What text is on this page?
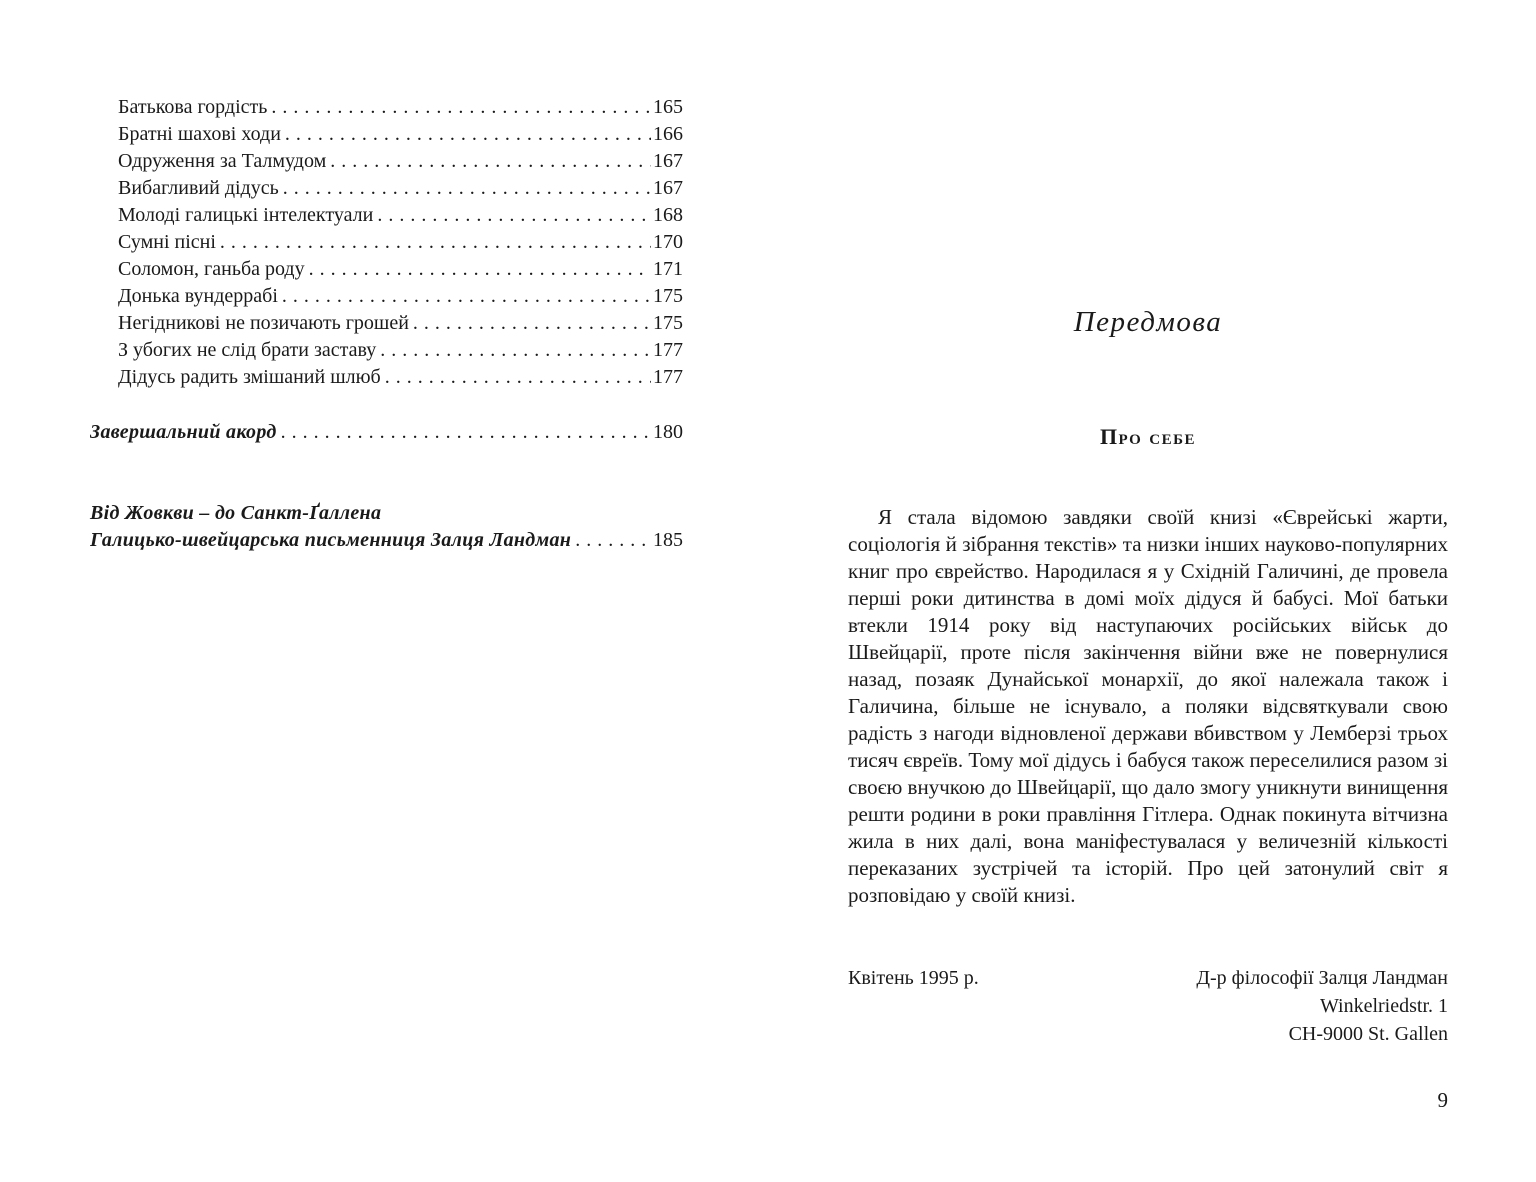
Батькова гордість . . .	165
Братні шахові ходи . . .	166
Одруження за Талмудом . . .	167
Вибагливий дідусь . . .	167
Молоді галицькі інтелектуали . . .	168
Сумні пісні . . .	170
Соломон, ганьба роду . . .	171
Донька вундеррабі . . .	175
Негідникові не позичають грошей . . .	175
З убогих не слід брати заставу . . .	177
Дідусь радить змішаний шлюб . . .	177
Завершальний акорд . . .	180
Від Жовкви – до Санкт-Ґаллена
Галицько-швейцарська письменниця Залця Ландман . . .	185
Передмова
Про себе

Я стала відомою завдяки своїй книзі «Єврейські жарти, соціологія й зібрання текстів» та низки інших науково-популярних книг про єврейство. Народилася я у Східній Галичині, де провела перші роки дитинства в домі моїх дідуся й бабусі. Мої батьки втекли 1914 року від наступаючих російських військ до Швейцарії, проте після закінчення війни вже не повернулися назад, позаяк Дунайської монархії, до якої належала також і Галичина, більше не існувало, а поляки відсвяткували свою радість з нагоди відновленої держави вбивством у Лемберзі трьох тисяч євреїв. Тому мої дідусь і бабуся також переселилися разом зі своєю внучкою до Швейцарії, що дало змогу уникнути винищення решти родини в роки правління Гітлера. Однак покинута вітчизна жила в них далі, вона маніфестувалася у величезній кількості переказаних зустрічей та історій. Про цей затонулий світ я розповідаю у своїй книзі.

Квітень 1995 р.	Д-р філософії Залця Ландман
Winkelriedstr. 1
CH-9000 St. Gallen
9
